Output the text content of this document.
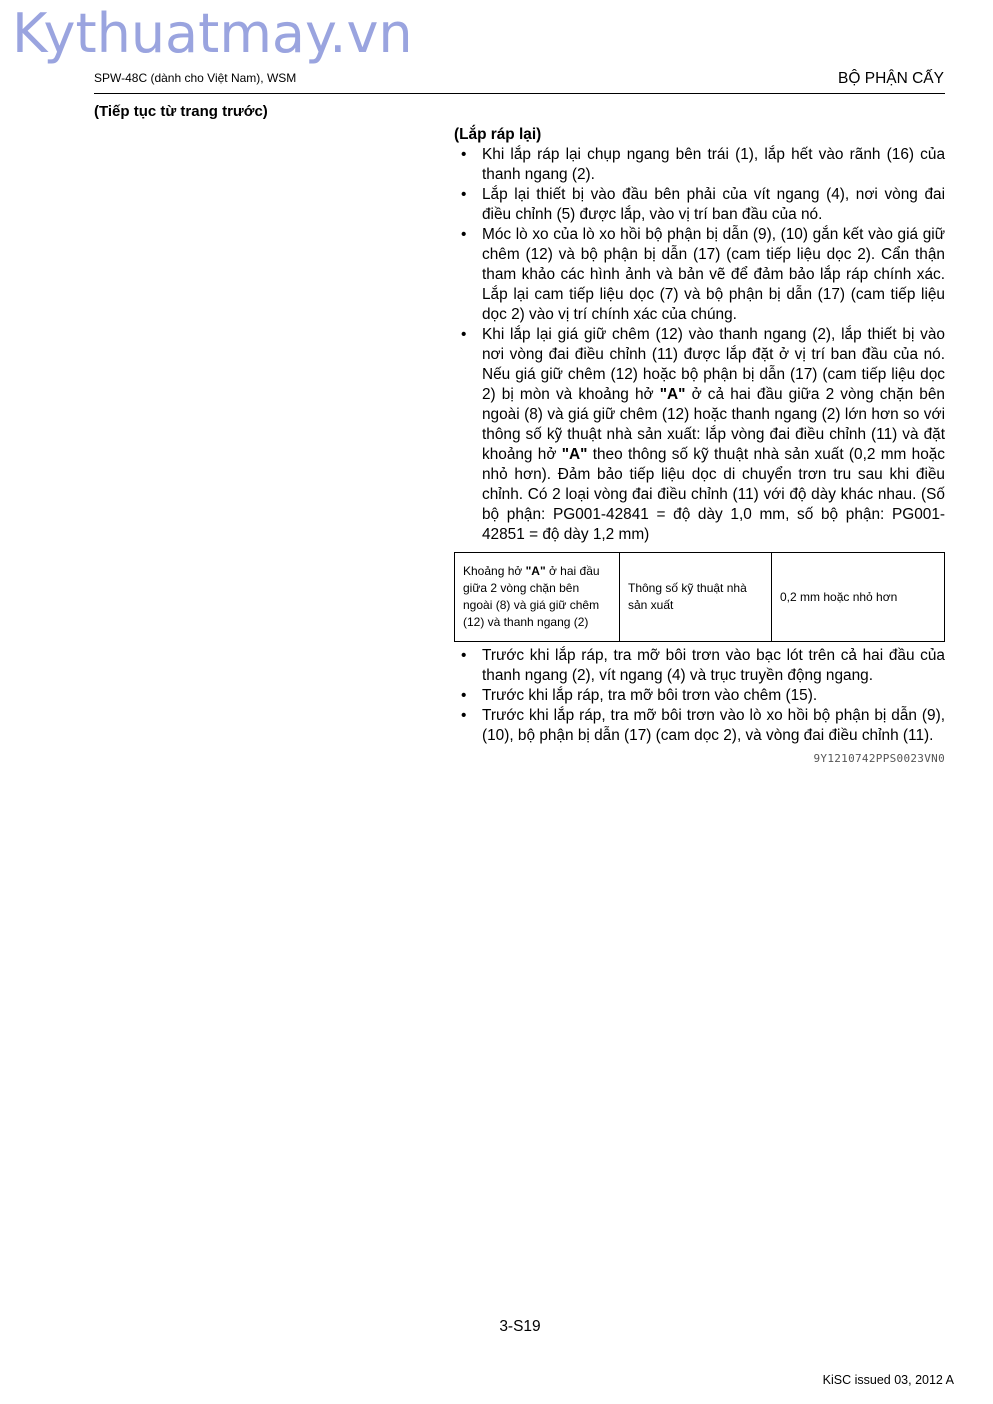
Kythuatmay.vn
SPW-48C (dành cho Việt Nam), WSM	BỘ PHẬN CẤY
(Tiếp tục từ trang trước)
(Lắp ráp lại)
• Khi lắp ráp lại chụp ngang bên trái (1), lắp hết vào rãnh (16) của thanh ngang (2).
• Lắp lại thiết bị vào đầu bên phải của vít ngang (4), nơi vòng đai điều chỉnh (5) được lắp, vào vị trí ban đầu của nó.
• Móc lò xo của lò xo hồi bộ phận bị dẫn (9), (10) gắn kết vào giá giữ chêm (12) và bộ phận bị dẫn (17) (cam tiếp liệu dọc 2). Cẩn thận tham khảo các hình ảnh và bản vẽ để đảm bảo lắp ráp chính xác. Lắp lại cam tiếp liệu dọc (7) và bộ phận bị dẫn (17) (cam tiếp liệu dọc 2) vào vị trí chính xác của chúng.
• Khi lắp lại giá giữ chêm (12) vào thanh ngang (2), lắp thiết bị vào nơi vòng đai điều chỉnh (11) được lắp đặt ở vị trí ban đầu của nó. Nếu giá giữ chêm (12) hoặc bộ phận bị dẫn (17) (cam tiếp liệu dọc 2) bị mòn và khoảng hở "A" ở cả hai đầu giữa 2 vòng chặn bên ngoài (8) và giá giữ chêm (12) hoặc thanh ngang (2) lớn hơn so với thông số kỹ thuật nhà sản xuất: lắp vòng đai điều chỉnh (11) và đặt khoảng hở "A" theo thông số kỹ thuật nhà sản xuất (0,2 mm hoặc nhỏ hơn). Đảm bảo tiếp liệu dọc di chuyển trơn tru sau khi điều chỉnh. Có 2 loại vòng đai điều chỉnh (11) với độ dày khác nhau. (Số bộ phận: PG001-42841 = độ dày 1,0 mm, số bộ phận: PG001-42851 = độ dày 1,2 mm)
Khoảng hở "A" ở hai đầu giữa 2 vòng chặn bên ngoài (8) và giá giữ chêm (12) và thanh ngang (2)	Thông số kỹ thuật nhà sản xuất	0,2 mm hoặc nhỏ hơn
• Trước khi lắp ráp, tra mỡ bôi trơn vào bạc lót trên cả hai đầu của thanh ngang (2), vít ngang (4) và trục truyền động ngang.
• Trước khi lắp ráp, tra mỡ bôi trơn vào chêm (15).
• Trước khi lắp ráp, tra mỡ bôi trơn vào lò xo hồi bộ phận bị dẫn (9), (10), bộ phận bị dẫn (17) (cam dọc 2), và vòng đai điều chỉnh (11).
9Y1210742PPS0023VN0
3-S19
KiSC issued 03, 2012 A
